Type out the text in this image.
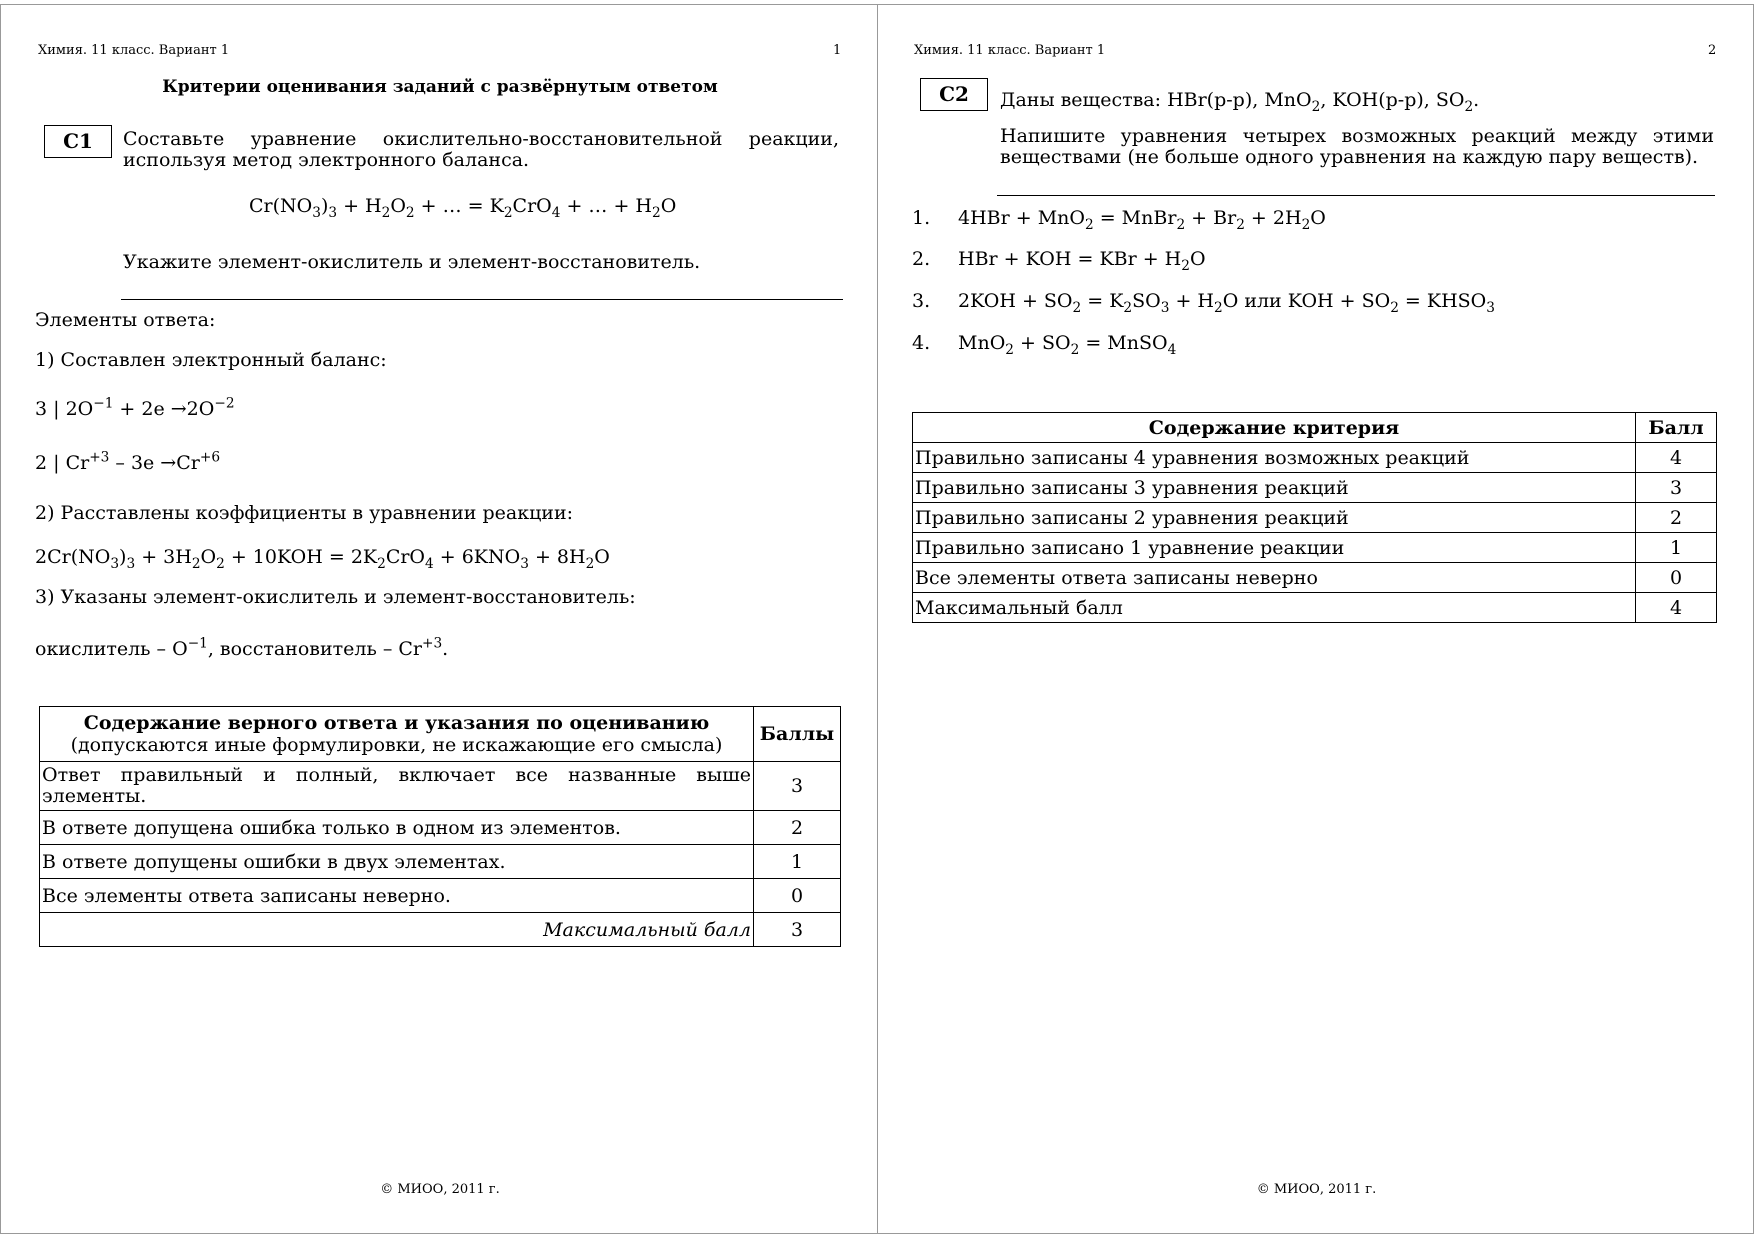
Химия. 11 класс. Вариант 1	1
Критерии оценивания заданий с развёрнутым ответом
С1	Составьте уравнение окислительно-восстановительной реакции, используя метод электронного баланса.
$Cr(NO_3)_3 + H_2O_2$ + … = $K_2CrO_4$ + … + $H_2O$
Укажите элемент-окислитель и элемент-восстановитель.
Элементы ответа:
1) Составлен электронный баланс:
3 | $2O^{-1} + 2e \to 2O^{-2}$
2 | $Cr^{+3} - 3e \to Cr^{+6}$
2) Расставлены коэффициенты в уравнении реакции:
$2Cr(NO_3)_3 + 3H_2O_2 + 10KOH = 2K_2CrO_4 + 6KNO_3 + 8H_2O$
3) Указаны элемент-окислитель и элемент-восстановитель:
окислитель – $O^{-1}$, восстановитель – $Cr^{+3}$.
Содержание верного ответа и указания по оцениванию
(допускаются иные формулировки, не искажающие его смысла)	Баллы
Ответ правильный и полный, включает все названные выше элементы.	3
В ответе допущена ошибка только в одном из элементов.	2
В ответе допущены ошибки в двух элементах.	1
Все элементы ответа записаны неверно.	0
Максимальный балл	3
© МИОО, 2011 г.
Химия. 11 класс. Вариант 1	2
С2	Даны вещества: HBr(р-р), MnO$_2$, KOH(р-р), $SO_2$.
Напишите уравнения четырех возможных реакций между этими веществами (не больше одного уравнения на каждую пару веществ).
1. 4HBr + MnO$_2$ = MnBr$_2$ + $Br_2 + 2H_2O$
2. HBr + KOH = KBr + $H_2O$
3. $2KOH + SO_2 = K_2SO_3 + H_2O$ или KOH + $SO_2$ = $KHSO_3$
4. $MnO_2 + SO_2$ = MnSO$_4$
Содержание критерия	Балл
Правильно записаны 4 уравнения возможных реакций	4
Правильно записаны 3 уравнения реакций	3
Правильно записаны 2 уравнения реакций	2
Правильно записано 1 уравнение реакции	1
Все элементы ответа записаны неверно	0
Максимальный балл	4
© МИОО, 2011 г.
